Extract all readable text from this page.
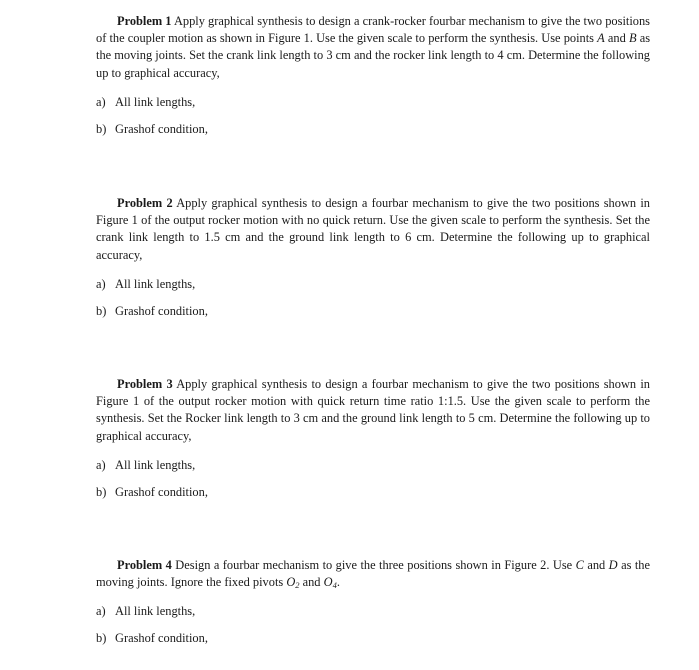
Problem 1 Apply graphical synthesis to design a crank-rocker fourbar mechanism to give the two positions of the coupler motion as shown in Figure 1. Use the given scale to perform the synthesis. Use points A and B as the moving joints. Set the crank link length to 3 cm and the rocker link length to 4 cm. Determine the following up to graphical accuracy,

a) All link lengths,

b) Grashof condition,

Problem 2 Apply graphical synthesis to design a fourbar mechanism to give the two positions shown in Figure 1 of the output rocker motion with no quick return. Use the given scale to perform the synthesis. Set the crank link length to 1.5 cm and the ground link length to 6 cm. Determine the following up to graphical accuracy,

a) All link lengths,

b) Grashof condition,

Problem 3 Apply graphical synthesis to design a fourbar mechanism to give the two positions shown in Figure 1 of the output rocker motion with quick return time ratio 1:1.5. Use the given scale to perform the synthesis. Set the Rocker link length to 3 cm and the ground link length to 5 cm. Determine the following up to graphical accuracy,

a) All link lengths,

b) Grashof condition,

Problem 4 Design a fourbar mechanism to give the three positions shown in Figure 2. Use C and D as the moving joints. Ignore the fixed pivots $O_2$ and $O_4$.

a) All link lengths,

b) Grashof condition,
